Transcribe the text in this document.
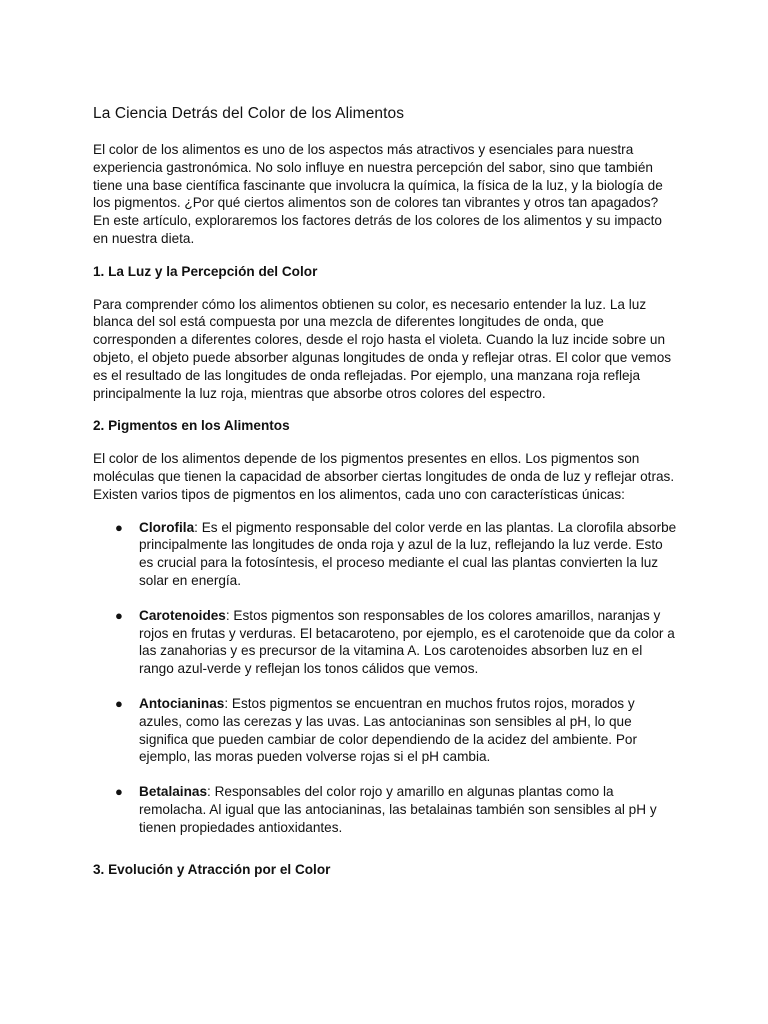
La Ciencia Detrás del Color de los Alimentos

El color de los alimentos es uno de los aspectos más atractivos y esenciales para nuestra experiencia gastronómica. No solo influye en nuestra percepción del sabor, sino que también tiene una base científica fascinante que involucra la química, la física de la luz, y la biología de los pigmentos. ¿Por qué ciertos alimentos son de colores tan vibrantes y otros tan apagados? En este artículo, exploraremos los factores detrás de los colores de los alimentos y su impacto en nuestra dieta.

1. La Luz y la Percepción del Color

Para comprender cómo los alimentos obtienen su color, es necesario entender la luz. La luz blanca del sol está compuesta por una mezcla de diferentes longitudes de onda, que corresponden a diferentes colores, desde el rojo hasta el violeta. Cuando la luz incide sobre un objeto, el objeto puede absorber algunas longitudes de onda y reflejar otras. El color que vemos es el resultado de las longitudes de onda reflejadas. Por ejemplo, una manzana roja refleja principalmente la luz roja, mientras que absorbe otros colores del espectro.

2. Pigmentos en los Alimentos

El color de los alimentos depende de los pigmentos presentes en ellos. Los pigmentos son moléculas que tienen la capacidad de absorber ciertas longitudes de onda de luz y reflejar otras. Existen varios tipos de pigmentos en los alimentos, cada uno con características únicas:

● Clorofila: Es el pigmento responsable del color verde en las plantas. La clorofila absorbe principalmente las longitudes de onda roja y azul de la luz, reflejando la luz verde. Esto es crucial para la fotosíntesis, el proceso mediante el cual las plantas convierten la luz solar en energía.
● Carotenoides: Estos pigmentos son responsables de los colores amarillos, naranjas y rojos en frutas y verduras. El betacaroteno, por ejemplo, es el carotenoide que da color a las zanahorias y es precursor de la vitamina A. Los carotenoides absorben luz en el rango azul-verde y reflejan los tonos cálidos que vemos.
● Antocianinas: Estos pigmentos se encuentran en muchos frutos rojos, morados y azules, como las cerezas y las uvas. Las antocianinas son sensibles al pH, lo que significa que pueden cambiar de color dependiendo de la acidez del ambiente. Por ejemplo, las moras pueden volverse rojas si el pH cambia.
● Betalainas: Responsables del color rojo y amarillo en algunas plantas como la remolacha. Al igual que las antocianinas, las betalainas también son sensibles al pH y tienen propiedades antioxidantes.
3. Evolución y Atracción por el Color
